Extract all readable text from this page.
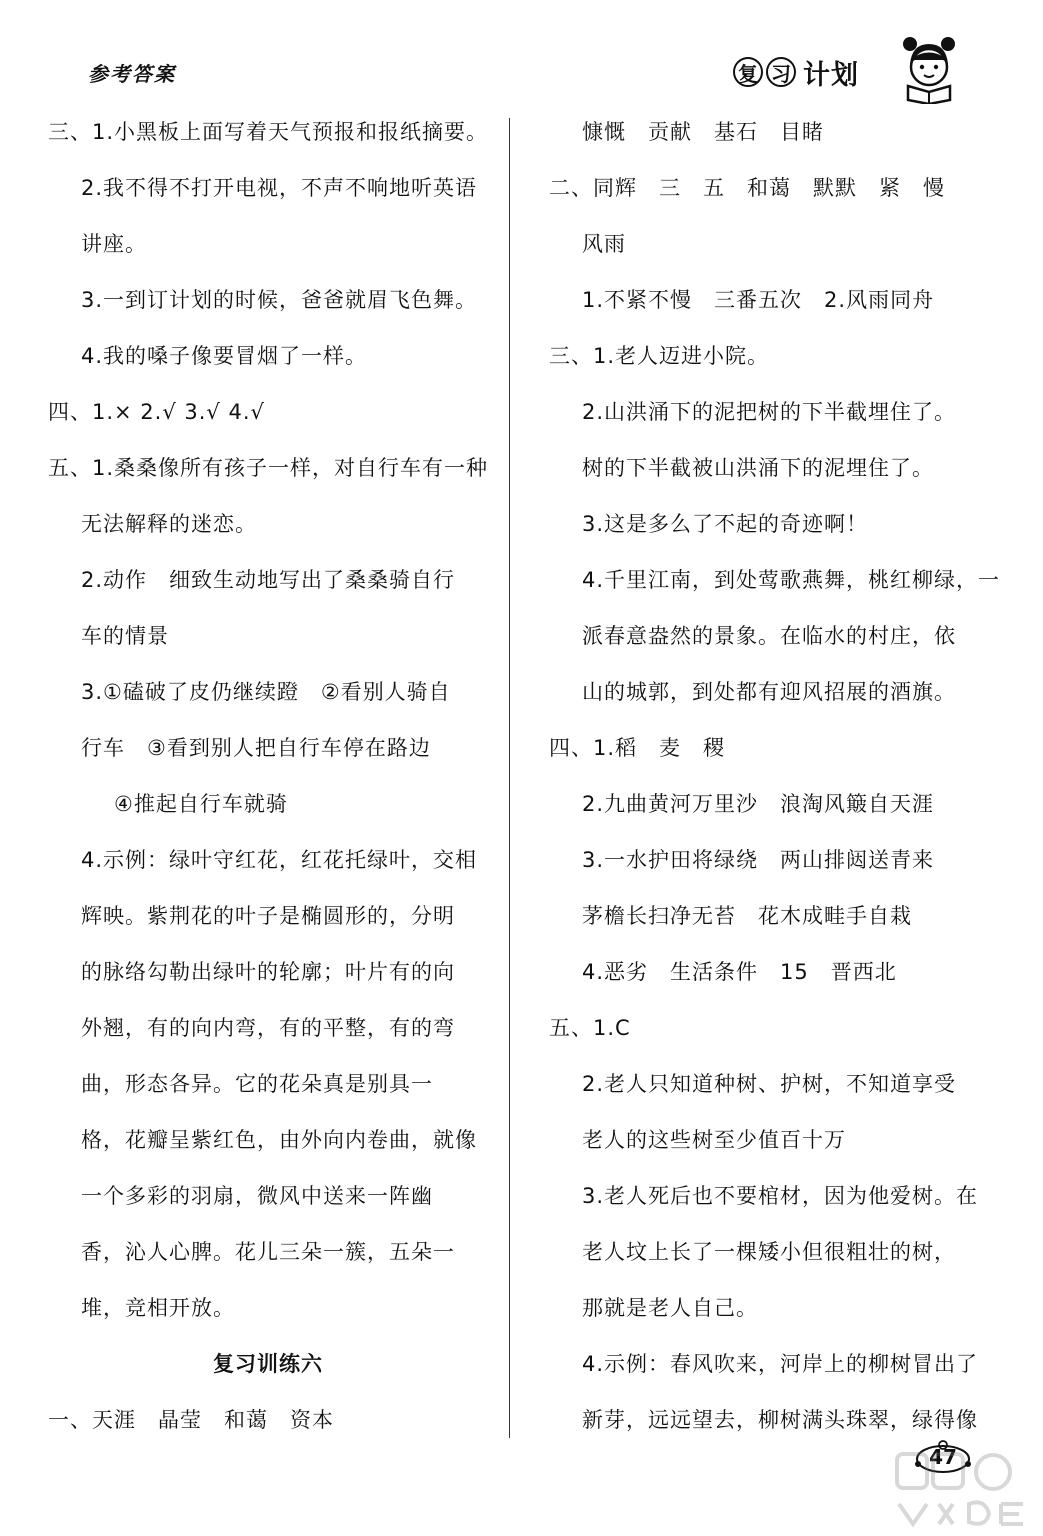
参考答案	复 习 计划
三、1.小黑板上面写着天气预报和报纸摘要。
2.我不得不打开电视，不声不响地听英语
讲座。
3.一到订计划的时候，爸爸就眉飞色舞。
4.我的嗓子像要冒烟了一样。
四、1.× 2.√ 3.√ 4.√
五、1.桑桑像所有孩子一样，对自行车有一种
无法解释的迷恋。
2.动作　细致生动地写出了桑桑骑自行
车的情景
3.①磕破了皮仍继续蹬　②看别人骑自
行车　③看到别人把自行车停在路边
④推起自行车就骑
4.示例：绿叶守红花，红花托绿叶，交相
辉映。紫荆花的叶子是椭圆形的，分明
的脉络勾勒出绿叶的轮廓；叶片有的向
外翘，有的向内弯，有的平整，有的弯
曲，形态各异。它的花朵真是别具一
格，花瓣呈紫红色，由外向内卷曲，就像
一个多彩的羽扇，微风中送来一阵幽
香，沁人心脾。花儿三朵一簇，五朵一
堆，竞相开放。
复习训练六
一、天涯　晶莹　和蔼　资本
慷慨　贡献　基石　目睹
二、同辉　三　五　和蔼　默默　紧　慢
风雨
1.不紧不慢　三番五次　2.风雨同舟
三、1.老人迈进小院。
2.山洪涌下的泥把树的下半截埋住了。
树的下半截被山洪涌下的泥埋住了。
3.这是多么了不起的奇迹啊！
4.千里江南，到处莺歌燕舞，桃红柳绿，一
派春意盎然的景象。在临水的村庄，依
山的城郭，到处都有迎风招展的酒旗。
四、1.稻　麦　稷
2.九曲黄河万里沙　浪淘风簸自天涯
3.一水护田将绿绕　两山排闼送青来
茅檐长扫净无苔　花木成畦手自栽
4.恶劣　生活条件　15　晋西北
五、1.C
2.老人只知道种树、护树，不知道享受
老人的这些树至少值百十万
3.老人死后也不要棺材，因为他爱树。在
老人坟上长了一棵矮小但很粗壮的树，
那就是老人自己。
4.示例：春风吹来，河岸上的柳树冒出了
新芽，远远望去，柳树满头珠翠，绿得像
47
